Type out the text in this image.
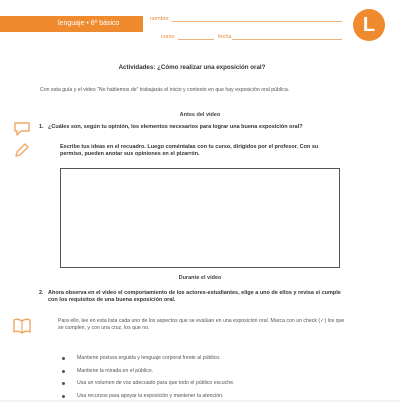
lenguaje • 8º básico
nombre
curso	fecha
L
Actividades: ¿Cómo realizar una exposición oral?
Con esta guía y el video “No hablemos de” trabajarás el inicio y contexto en que hay exposición oral pública.
Antes del video
1. ¿Cuáles son, según tu opinión, los elementos necesarios para lograr una buena exposición oral?
Escribe tus ideas en el recuadro. Luego coméntalas con tu curso, dirigidos por el profesor. Con su permiso, pueden anotar sus opiniones en el pizarrón.
Durante el video
2. Ahora observa en el video el comportamiento de los actores-estudiantes, elige a uno de ellos y revisa si cumple con los requisitos de una buena exposición oral.
Para ello, lee en esta lista cada uno de los aspectos que se evalúan en una exposición oral. Marca con un check (✓) los que se cumplen, y con una cruz, los que no.
Mantiene postura erguida y lenguaje corporal frente al público.
Mantiene la mirada en el público.
Usa un volumen de voz adecuado para que todo el público escuche.
Usa recursos para apoyar la exposición y mantener la atención.
